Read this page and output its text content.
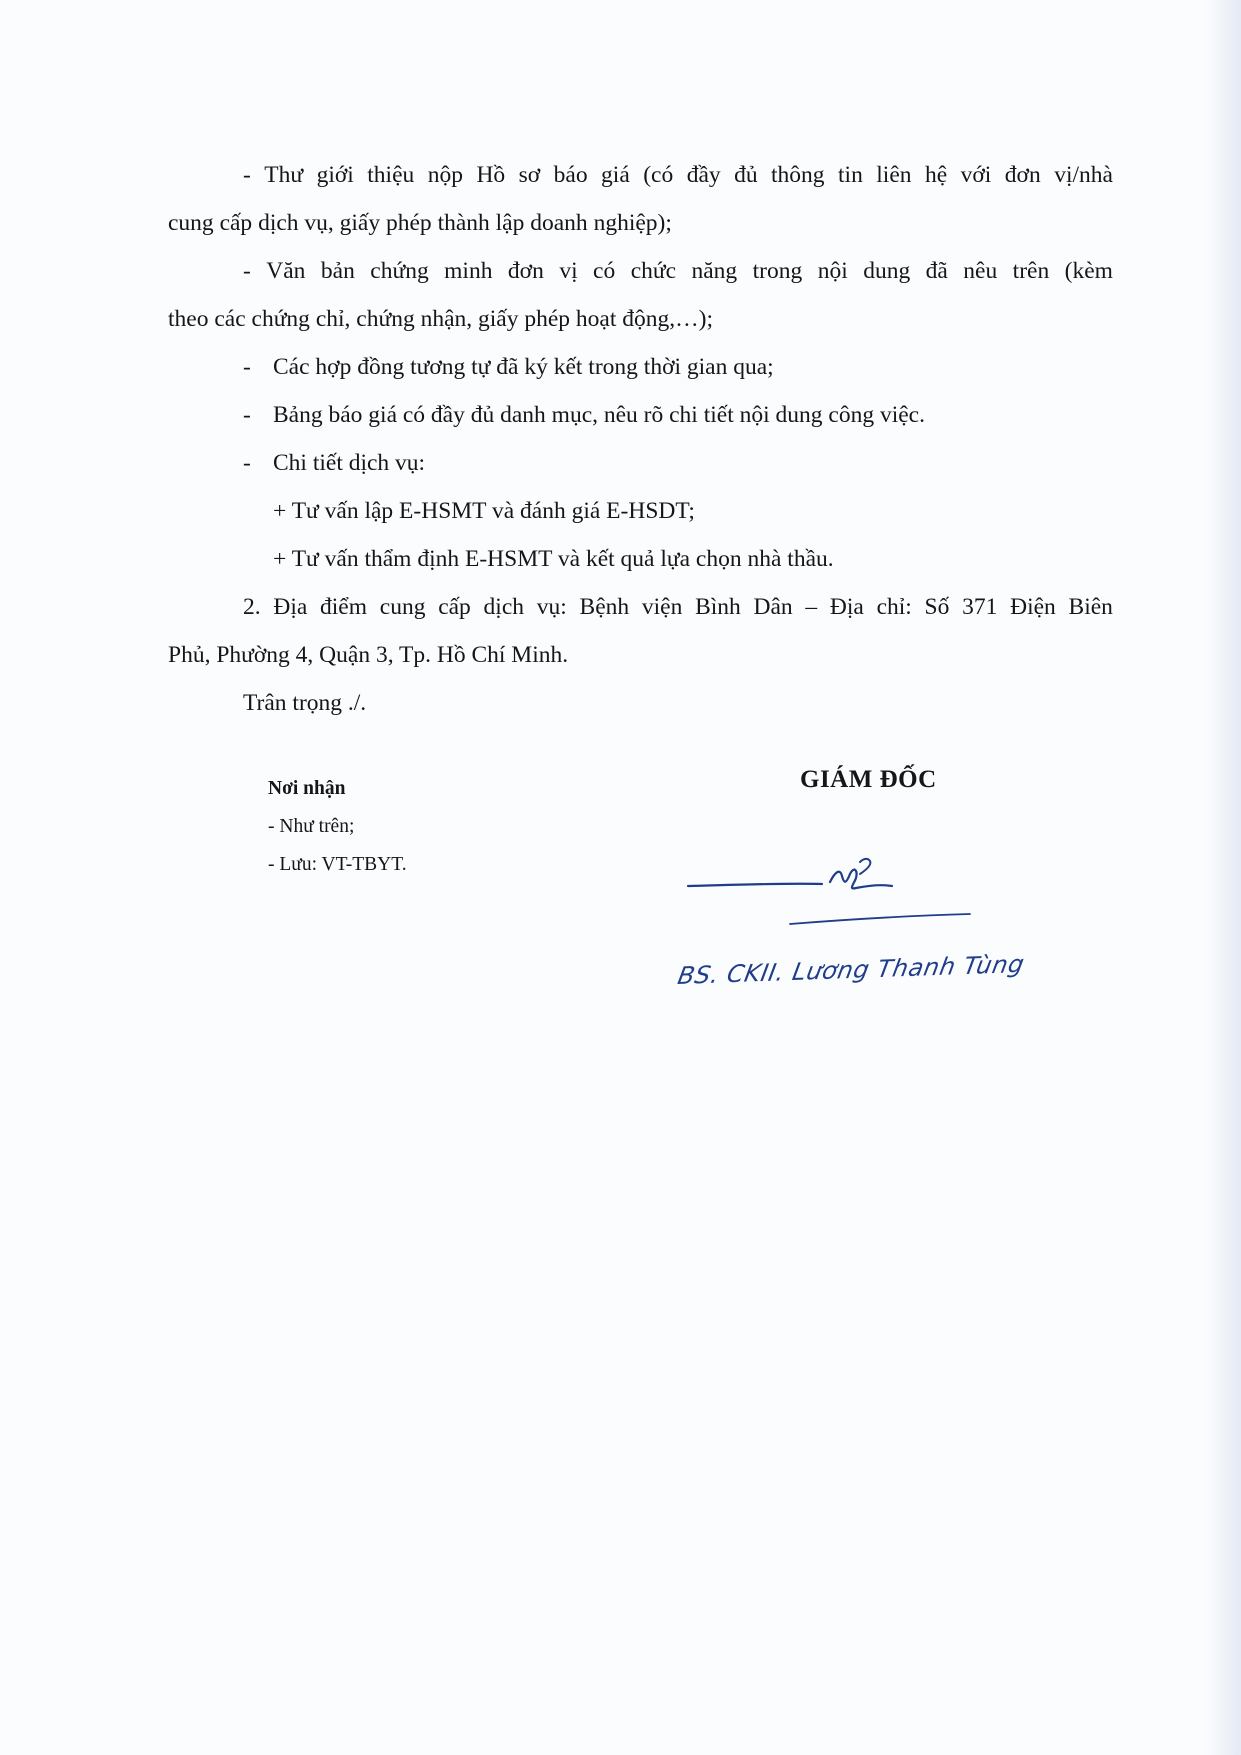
- Thư giới thiệu nộp Hồ sơ báo giá (có đầy đủ thông tin liên hệ với đơn vị/nhà
cung cấp dịch vụ, giấy phép thành lập doanh nghiệp);
- Văn bản chứng minh đơn vị có chức năng trong nội dung đã nêu trên (kèm
theo các chứng chỉ, chứng nhận, giấy phép hoạt động,…);
- Các hợp đồng tương tự đã ký kết trong thời gian qua;
- Bảng báo giá có đầy đủ danh mục, nêu rõ chi tiết nội dung công việc.
- Chi tiết dịch vụ:
+ Tư vấn lập E-HSMT và đánh giá E-HSDT;
+ Tư vấn thẩm định E-HSMT và kết quả lựa chọn nhà thầu.
2. Địa điểm cung cấp dịch vụ: Bệnh viện Bình Dân – Địa chỉ: Số 371 Điện Biên
Phủ, Phường 4, Quận 3, Tp. Hồ Chí Minh.
Trân trọng ./.
Nơi nhận
- Như trên;
- Lưu: VT-TBYT.
GIÁM ĐỐC
BS. CKII. Lương Thanh Tùng
